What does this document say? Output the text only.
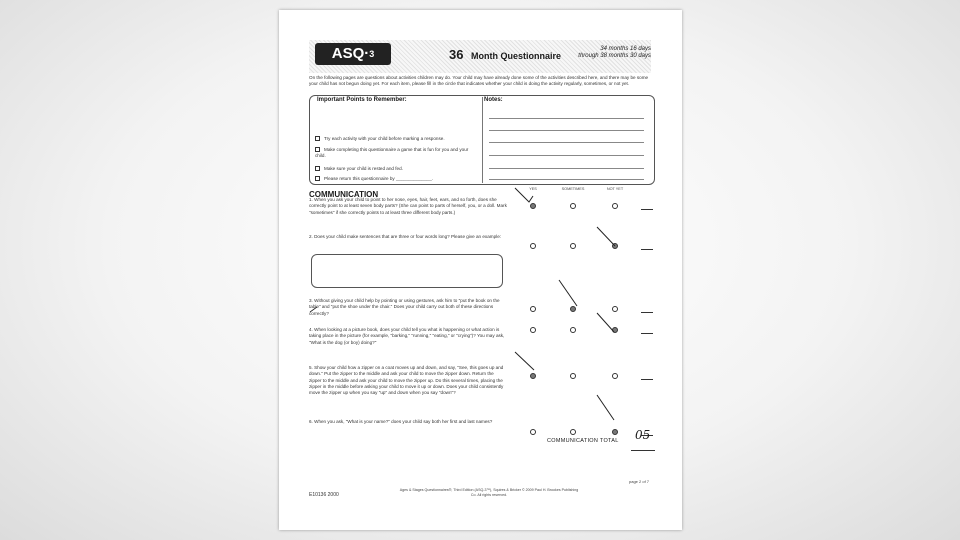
ASQ·$^3$	36 Month Questionnaire
34 months 16 days
through 38 months 30 days
On the following pages are questions about activities children may do. Your child may have already done some of the activities described here, and there may be some your child has not begun doing yet. For each item, please fill in the circle that indicates whether your child is doing the activity regularly, sometimes, or not yet.
Important Points to Remember:	Notes:
Try each activity with your child before marking a response.
Make completing this questionnaire a game that is fun for you and your child.
Make sure your child is rested and fed.
Please return this questionnaire by ______________.
COMMUNICATION
YES	SOMETIMES	NOT YET
1. When you ask your child to point to her nose, eyes, hair, feet, ears, and so forth, does she correctly point to at least seven body parts? (She can point to parts of herself, you, or a doll. Mark "sometimes" if she correctly points to at least three different body parts.)
2. Does your child make sentences that are three or four words long? Please give an example:
3. Without giving your child help by pointing or using gestures, ask him to "put the book on the table" and "put the shoe under the chair." Does your child carry out both of these directions correctly?
4. When looking at a picture book, does your child tell you what is happening or what action is taking place in the picture (for example, "barking," "running," "eating," or "crying")? You may ask, "What is the dog (or boy) doing?"
5. Show your child how a zipper on a coat moves up and down, and say, "See, this goes up and down." Put the zipper to the middle and ask your child to move the zipper down. Return the zipper to the middle and ask your child to move the zipper up. Do this several times, placing the zipper in the middle before asking your child to move it up or down. Does your child consistently move the zipper up when you say "up" and down when you say "down"?
6. When you ask, "What is your name?" does your child say both her first and last names?
COMMUNICATION TOTAL 05
Ages & Stages Questionnaires®, Third Edition (ASQ-3™), Squires & Bricker © 2009 Paul H. Brookes Publishing Co. All rights reserved.
page 2 of 7
E10136 2000
